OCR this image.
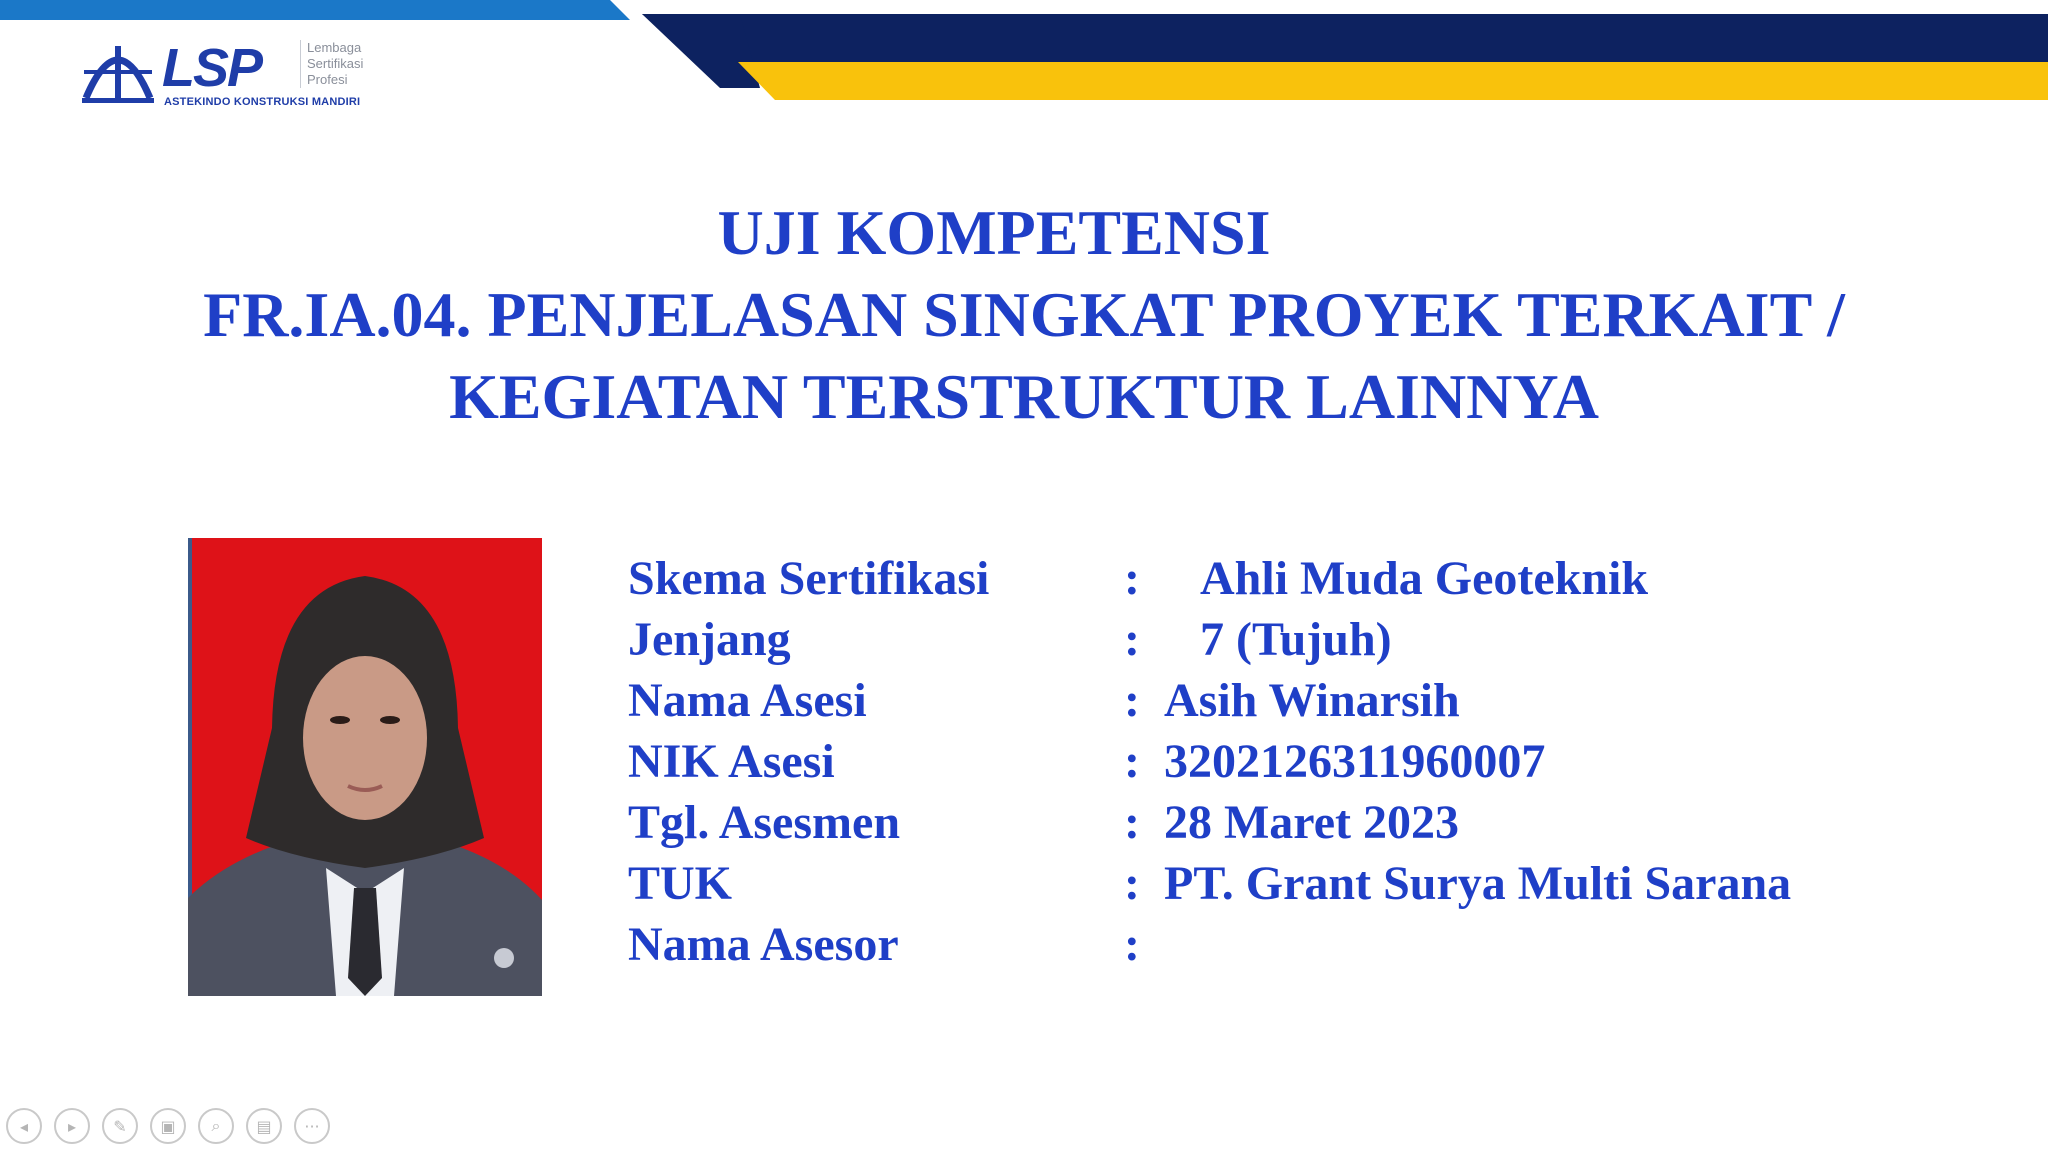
LSP	Lembaga
Sertifikasi
Profesi
ASTEKINDO KONSTRUKSI MANDIRI
UJI KOMPETENSI
FR.IA.04. PENJELASAN SINGKAT PROYEK TERKAIT /
KEGIATAN TERSTRUKTUR LAINNYA
Skema Sertifikasi	: Ahli Muda Geoteknik
Jenjang	: 7 (Tujuh)
Nama Asesi	: Asih Winarsih
NIK Asesi	: 3202126311960007
Tgl. Asesmen	: 28 Maret 2023
TUK	: PT. Grant Surya Multi Sarana
Nama Asesor	:
◂	▸	✎	▣	⌕	▤	···
